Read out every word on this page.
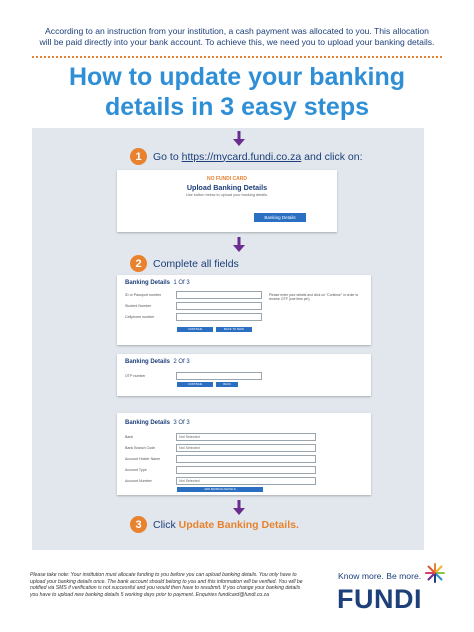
According to an instruction from your institution, a cash payment was allocated to you. This allocation
will be paid directly into your bank account. To achieve this, we need you to upload your banking details.
How to update your banking
details in 3 easy steps
1	Go to https://mycard.fundi.co.za and click on:
NO FUNDI CARD
Upload Banking Details
Use button below to upload your banking details.
Banking Details
2	Complete all fields
Banking Details 1 Of 3
ID or Passport number
Student Number
Cellphone number
Please enter your details and click on "Continue" in order to receive OTP (one time pin)
CONTINUE	BACK TO MAIN
Banking Details 2 Of 3
OTP number
CONTINUE	BACK
Banking Details 3 Of 3
Bank	Not Selected
Bank Branch Code	Not Selected
Account Holder Name
Account Type
Account Number	Not Selected
ADD BANKING DETAILS
3	Click Update Banking Details.
Please take note: Your institution must allocate funding to you before you can upload banking details. You only have to upload your banking details once. The bank account should belong to you and this information will be verified. You will be notified via SMS if verification is not successful and you would then have to resubmit. If you change your banking details you have to upload new banking details 5 working days prior to payment. Enquiries fundicard@fundi.co.za
Know more. Be more.
FUNDI
